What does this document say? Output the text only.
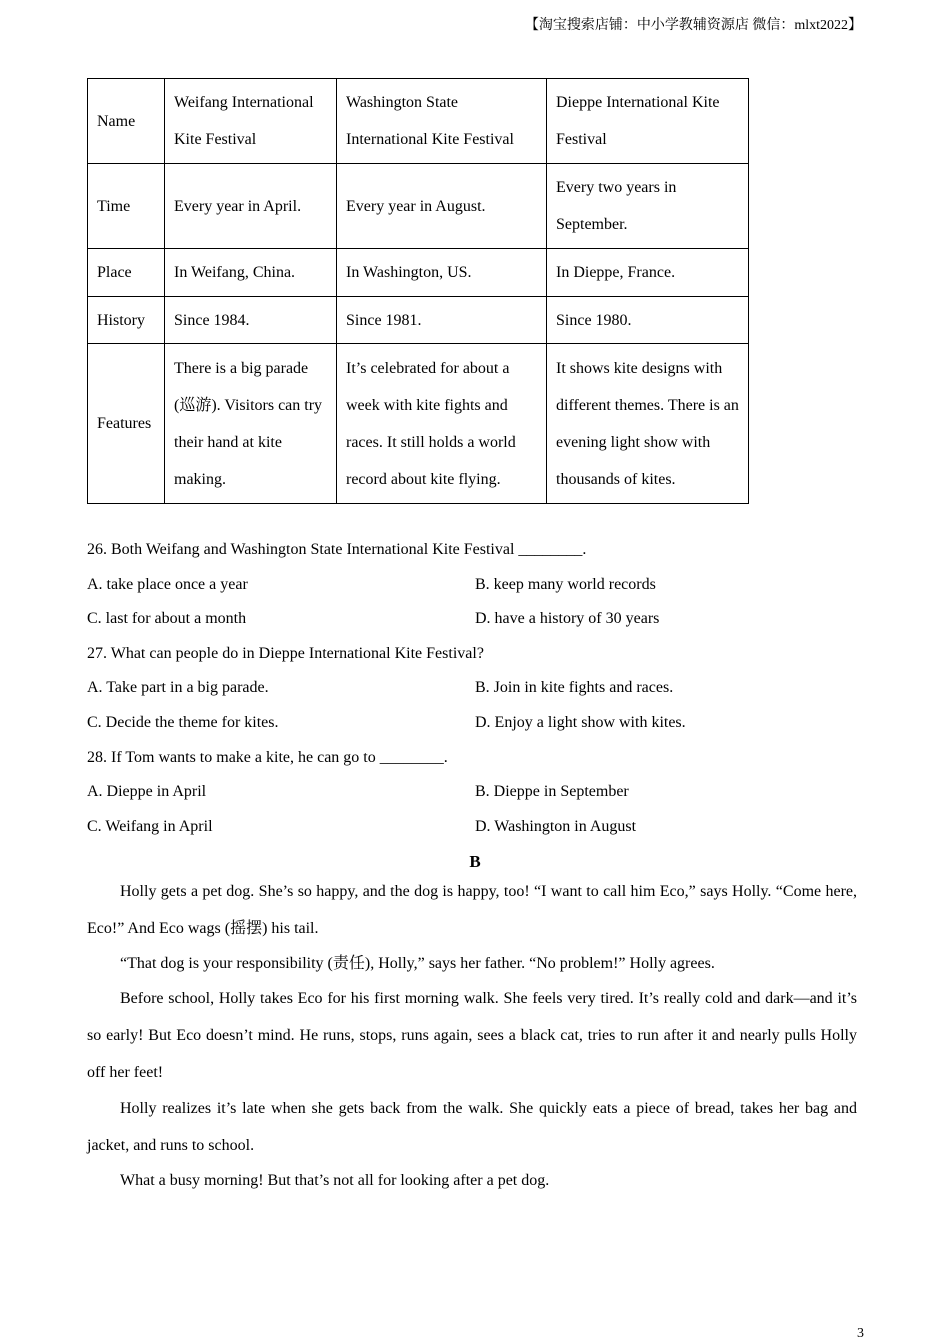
【淘宝搜索店铺：中小学教辅资源店 微信：mlxt2022】
Name	Weifang International Kite Festival	Washington State International Kite Festival	Dieppe International Kite Festival
Time	Every year in April.	Every year in August.	Every two years in September.
Place	In Weifang, China.	In Washington, US.	In Dieppe, France.
History	Since 1984.	Since 1981.	Since 1980.
Features	There is a big parade (巡游). Visitors can try their hand at kite making.	It’s celebrated for about a week with kite fights and races. It still holds a world record about kite flying.	It shows kite designs with different themes. There is an evening light show with thousands of kites.
26. Both Weifang and Washington State International Kite Festival ________.
A. take place once a year	B. keep many world records
C. last for about a month	D. have a history of 30 years
27. What can people do in Dieppe International Kite Festival?
A. Take part in a big parade.	B. Join in kite fights and races.
C. Decide the theme for kites.	D. Enjoy a light show with kites.
28. If Tom wants to make a kite, he can go to ________.
A. Dieppe in April	B. Dieppe in September
C. Weifang in April	D. Washington in August
B
Holly gets a pet dog. She’s so happy, and the dog is happy, too! “I want to call him Eco,” says Holly. “Come here, Eco!” And Eco wags (摇摆) his tail.
“That dog is your responsibility (责任), Holly,” says her father. “No problem!” Holly agrees.
Before school, Holly takes Eco for his first morning walk. She feels very tired. It’s really cold and dark—and it’s so early! But Eco doesn’t mind. He runs, stops, runs again, sees a black cat, tries to run after it and nearly pulls Holly off her feet!
Holly realizes it’s late when she gets back from the walk. She quickly eats a piece of bread, takes her bag and jacket, and runs to school.
What a busy morning! But that’s not all for looking after a pet dog.
3
